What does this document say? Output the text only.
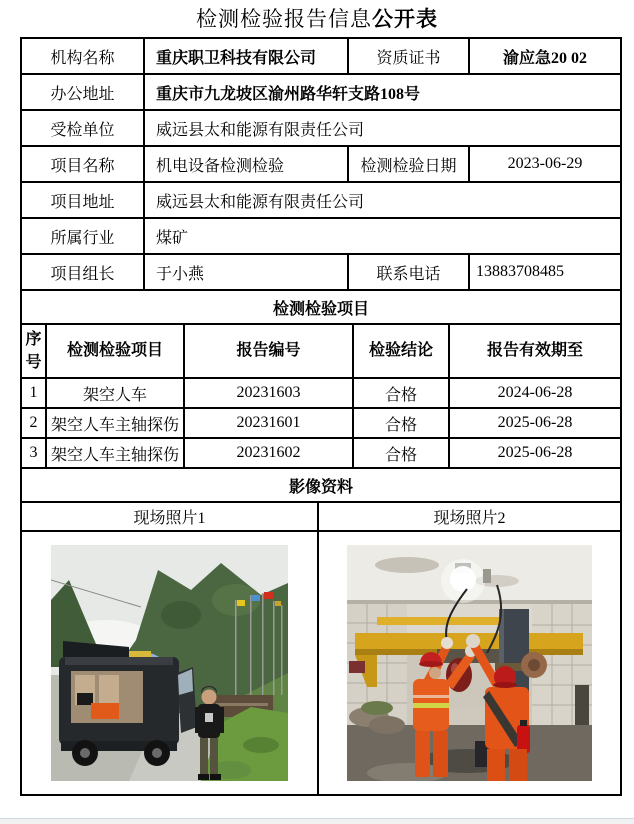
检测检验报告信息公开表
机构名称	重庆职卫科技有限公司	资质证书	渝应急20 02
办公地址	重庆市九龙坡区渝州路华轩支路108号		
受检单位	威远县太和能源有限责任公司		
项目名称	机电设备检测检验	检测检验日期	2023-06-29
项目地址	威远县太和能源有限责任公司		
所属行业	煤矿		
项目组长	于小燕	联系电话	13883708485
检测检验项目			
序号	检测检验项目	报告编号	检验结论	报告有效期至
1	架空人车	20231603	合格	2024-06-28
2	架空人车主轴探伤	20231601	合格	2025-06-28
3	架空人车主轴探伤	20231602	合格	2025-06-28
影像资料				
现场照片1	现场照片2
